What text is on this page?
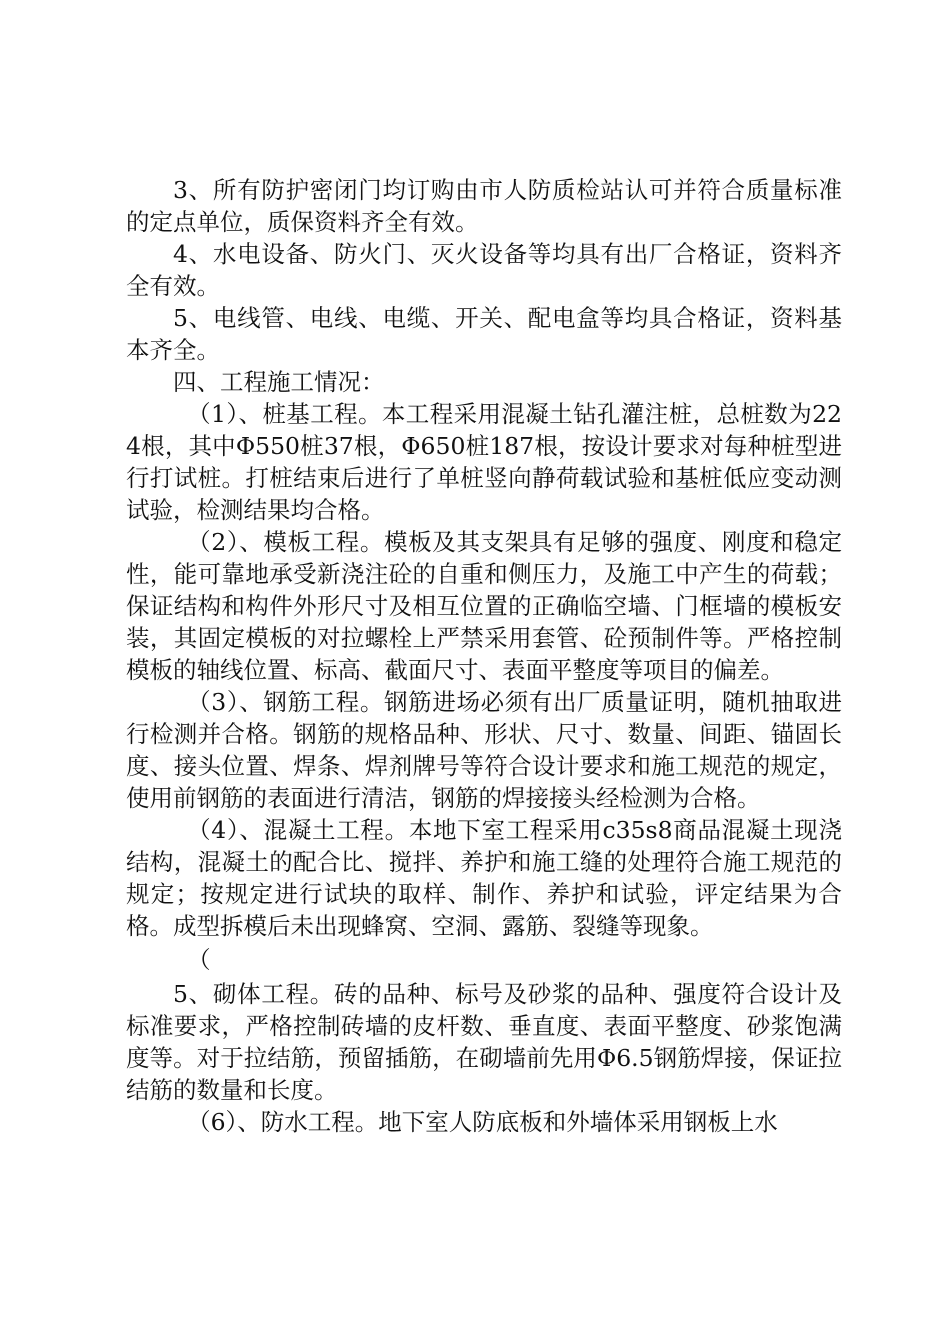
3、所有防护密闭门均订购由市人防质检站认可并符合质量标准的定点单位，质保资料齐全有效。

4、水电设备、防火门、灭火设备等均具有出厂合格证，资料齐全有效。

5、电线管、电线、电缆、开关、配电盒等均具合格证，资料基本齐全。

四、工程施工情况：

（1）、桩基工程。本工程采用混凝土钻孔灌注桩，总桩数为224根，其中Φ550桩37根，Φ650桩187根，按设计要求对每种桩型进行打试桩。打桩结束后进行了单桩竖向静荷载试验和基桩低应变动测试验，检测结果均合格。

（2）、模板工程。模板及其支架具有足够的强度、刚度和稳定性，能可靠地承受新浇注砼的自重和侧压力，及施工中产生的荷载；保证结构和构件外形尺寸及相互位置的正确临空墙、门框墙的模板安装，其固定模板的对拉螺栓上严禁采用套管、砼预制件等。严格控制模板的轴线位置、标高、截面尺寸、表面平整度等项目的偏差。

（3）、钢筋工程。钢筋进场必须有出厂质量证明，随机抽取进行检测并合格。钢筋的规格品种、形状、尺寸、数量、间距、锚固长度、接头位置、焊条、焊剂牌号等符合设计要求和施工规范的规定，使用前钢筋的表面进行清洁，钢筋的焊接接头经检测为合格。

（4）、混凝土工程。本地下室工程采用c35s8商品混凝土现浇结构，混凝土的配合比、搅拌、养护和施工缝的处理符合施工规范的规定；按规定进行试块的取样、制作、养护和试验，评定结果为合格。成型拆模后未出现蜂窝、空洞、露筋、裂缝等现象。

（

5、砌体工程。砖的品种、标号及砂浆的品种、强度符合设计及标准要求，严格控制砖墙的皮杆数、垂直度、表面平整度、砂浆饱满度等。对于拉结筋，预留插筋，在砌墙前先用Φ6.5钢筋焊接，保证拉结筋的数量和长度。

（6）、防水工程。地下室人防底板和外墙体采用钢板上水
